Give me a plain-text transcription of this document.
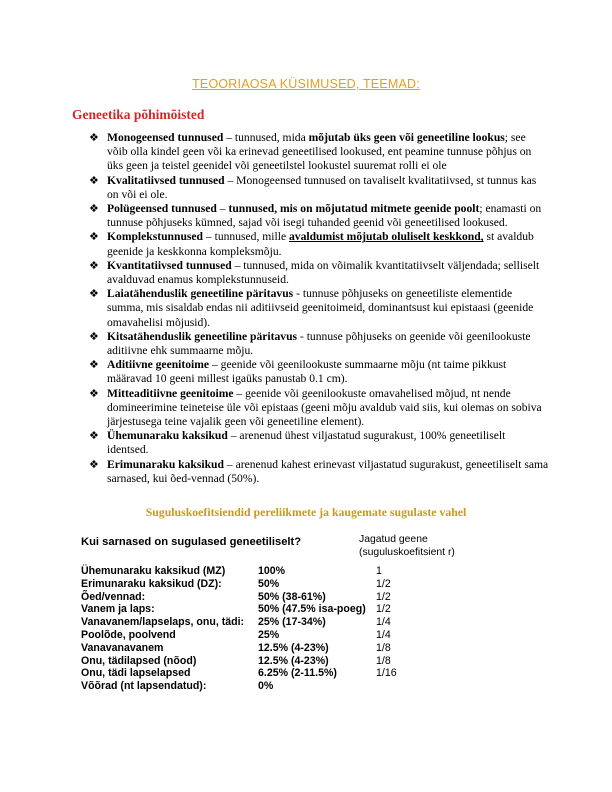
TEOORIAOSA KÜSIMUSED, TEEMAD:
Geneetika põhimõisted
❖ Monogeensed tunnused – tunnused, mida mõjutab üks geen või geneetiline lookus; see võib olla kindel geen või ka erinevad geneetilised lookused, ent peamine tunnuse põhjus on üks geen ja teistel geenidel või geneetilstel lookustel suuremat rolli ei ole
❖ Kvalitatiivsed tunnused – Monogeensed tunnused on tavaliselt kvalitatiivsed, st tunnus kas on või ei ole.
❖ Polügeensed tunnused – tunnused, mis on mõjutatud mitmete geenide poolt; enamasti on tunnuse põhjuseks kümned, sajad või isegi tuhanded geenid või geneetilised lookused.
❖ Komplekstunnused – tunnused, mille avaldumist mõjutab oluliselt keskkond, st avaldub geenide ja keskkonna kompleksmõju.
❖ Kvantitatiivsed tunnused – tunnused, mida on võimalik kvantitatiivselt väljendada; selliselt avalduvad enamus komplekstunnuseid.
❖ Laiatähenduslik geneetiline päritavus - tunnuse põhjuseks on geneetiliste elementide summa, mis sisaldab endas nii aditiivseid geenitoimeid, dominantsust kui epistaasi (geenide omavahelisi mõjusid).
❖ Kitsatähenduslik geneetiline päritavus - tunnuse põhjuseks on geenide või geenilookuste aditiivne ehk summaarne mõju.
❖ Aditiivne geenitoime – geenide või geenilookuste summaarne mõju (nt taime pikkust määravad 10 geeni millest igaüks panustab 0.1 cm).
❖ Mitteaditiivne geenitoime – geenide või geenilookuste omavahelised mõjud, nt nende domineerimine teineteise üle või epistaas (geeni mõju avaldub vaid siis, kui olemas on sobiva järjestusega teine vajalik geen või geneetiline element).
❖ Ühemunaraku kaksikud – arenenud ühest viljastatud sugurakust, 100% geneetiliselt identsed.
❖ Erimunaraku kaksikud – arenenud kahest erinevast viljastatud sugurakust, geneetiliselt sama sarnased, kui õed-vennad (50%).
Suguluskoefitsiendid pereliikmete ja kaugemate sugulaste vahel
Kui sarnased on sugulased geneetiliselt?	Jagatud geene
(suguluskoefitsient r)
Ühemunaraku kaksikud (MZ)	100%	1
Erimunaraku kaksikud (DZ):	50%	1/2
Õed/vennad:	50% (38-61%)	1/2
Vanem ja laps:	50% (47.5% isa-poeg) 1/2
Vanavanem/lapselaps, onu, tädi: 25% (17-34%)	1/4
Poolõde, poolvend	25%	1/4
Vanavanavanem	12.5% (4-23%)	1/8
Onu, tädilapsed (nõod)	12.5% (4-23%)	1/8
Onu, tädi lapselapsed	6.25% (2-11.5%)	1/16
Võõrad (nt lapsendatud):	0%
